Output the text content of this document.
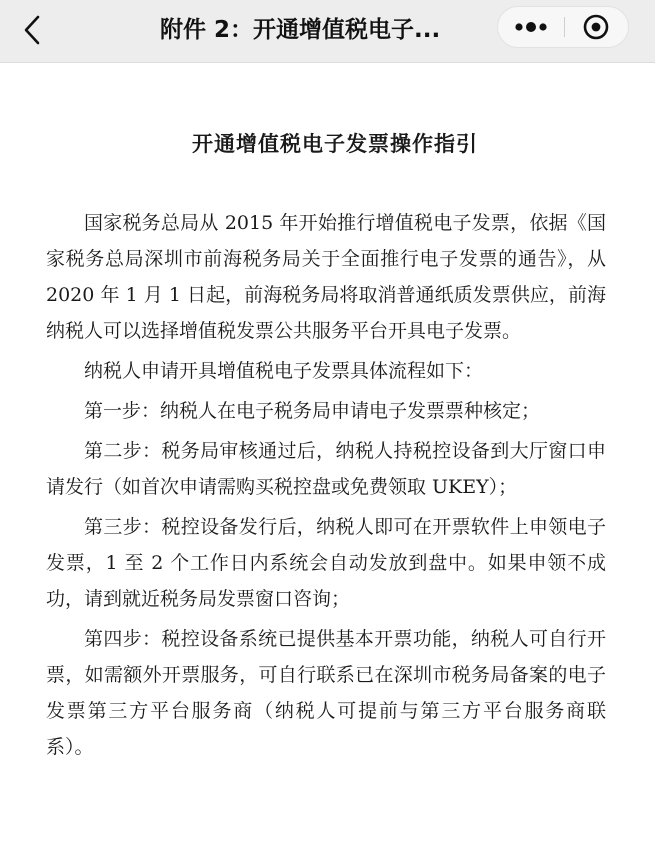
附件 2：开通增值税电子...
开通增值税电子发票操作指引

国家税务总局从 2015 年开始推行增值税电子发票，依据《国家税务总局深圳市前海税务局关于全面推行电子发票的通告》，从 2020 年 1 月 1 日起，前海税务局将取消普通纸质发票供应，前海纳税人可以选择增值税发票公共服务平台开具电子发票。

纳税人申请开具增值税电子发票具体流程如下：

第一步：纳税人在电子税务局申请电子发票票种核定；

第二步：税务局审核通过后，纳税人持税控设备到大厅窗口申请发行（如首次申请需购买税控盘或免费领取 UKEY）；

第三步：税控设备发行后，纳税人即可在开票软件上申领电子发票，1 至 2 个工作日内系统会自动发放到盘中。如果申领不成功，请到就近税务局发票窗口咨询；

第四步：税控设备系统已提供基本开票功能，纳税人可自行开票，如需额外开票服务，可自行联系已在深圳市税务局备案的电子发票第三方平台服务商（纳税人可提前与第三方平台服务商联系）。
